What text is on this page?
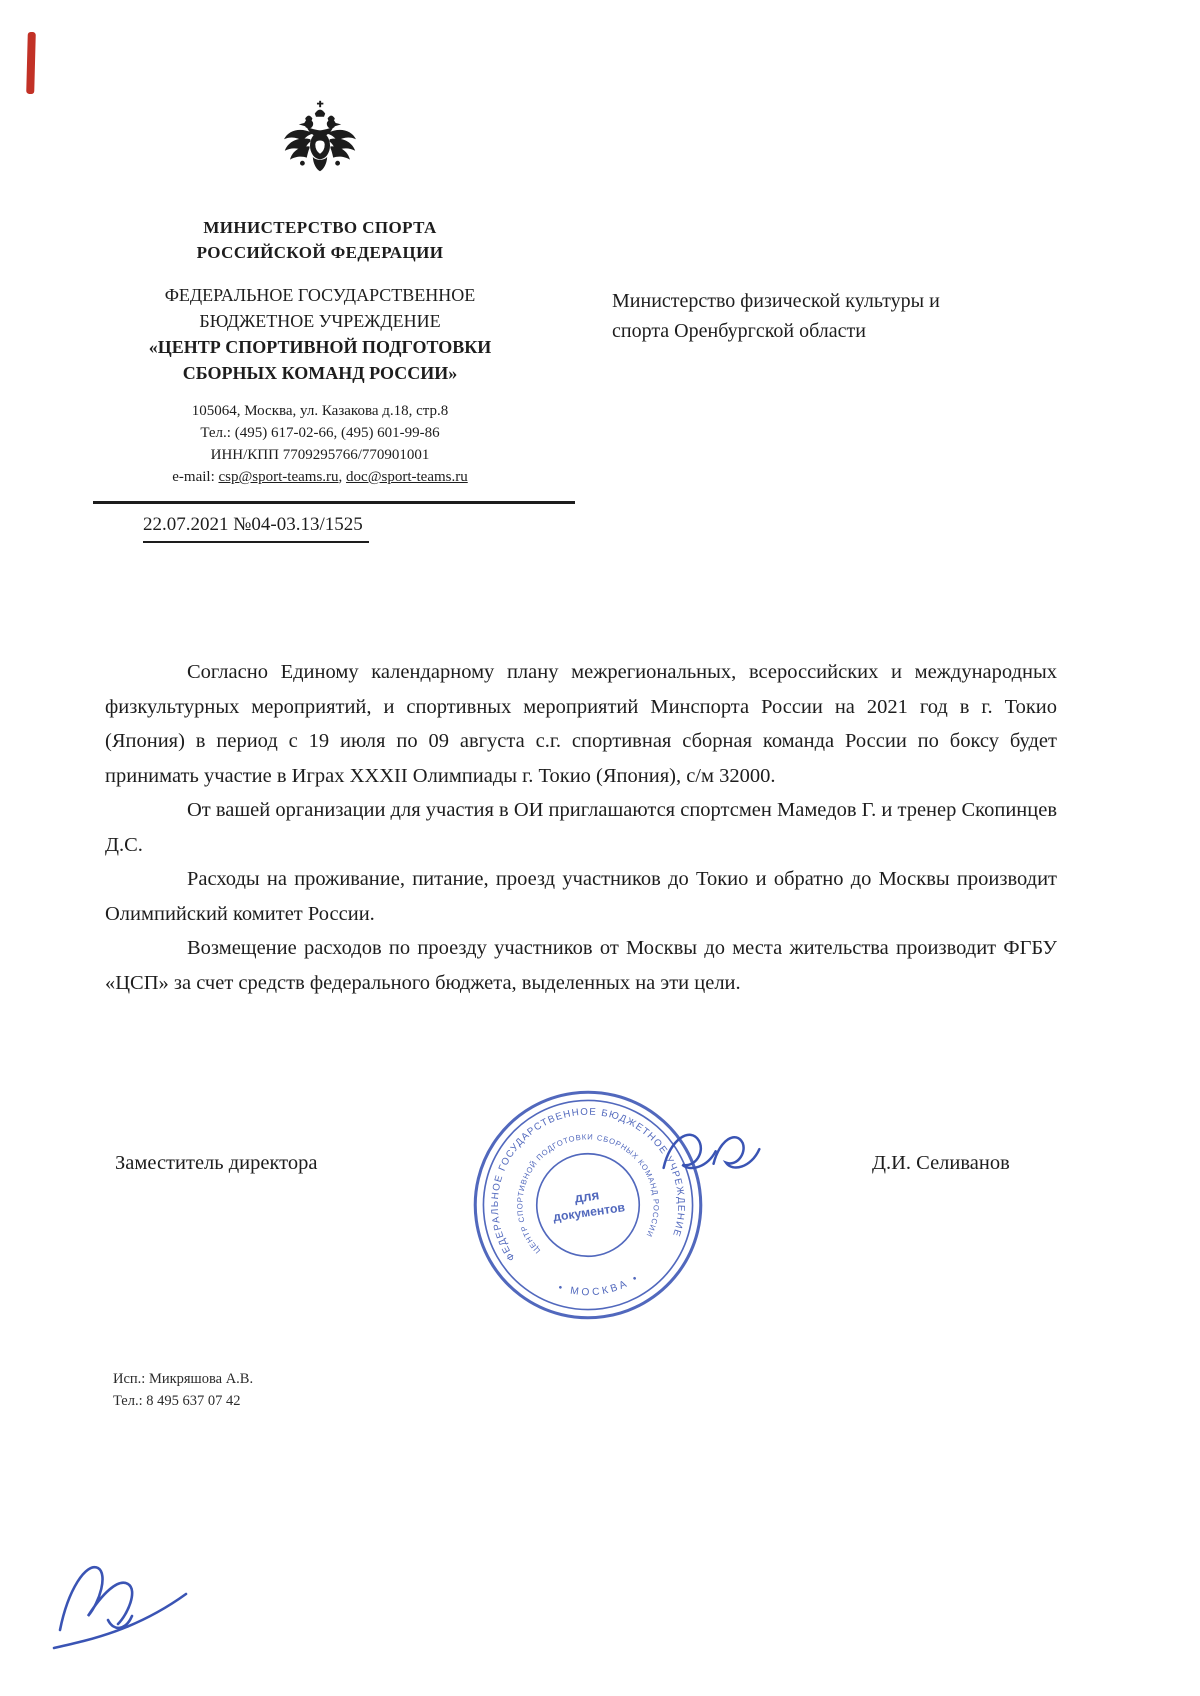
МИНИСТЕРСТВО СПОРТА
РОССИЙСКОЙ ФЕДЕРАЦИИ
ФЕДЕРАЛЬНОЕ ГОСУДАРСТВЕННОЕ
БЮДЖЕТНОЕ УЧРЕЖДЕНИЕ
«ЦЕНТР СПОРТИВНОЙ ПОДГОТОВКИ
СБОРНЫХ КОМАНД РОССИИ»
105064, Москва, ул. Казакова д.18, стр.8
Тел.: (495) 617-02-66, (495) 601-99-86
ИНН/КПП 7709295766/770901001
e-mail: csp@sport-teams.ru, doc@sport-teams.ru
22.07.2021 №04-03.13/1525
Министерство физической культуры и
спорта Оренбургской области

Согласно Единому календарному плану межрегиональных, всероссийских и международных физкультурных мероприятий, и спортивных мероприятий Минспорта России на 2021 год в г. Токио (Япония) в период с 19 июля по 09 августа с.г. спортивная сборная команда России по боксу будет принимать участие в Играх XXXII Олимпиады г. Токио (Япония), с/м 32000.

От вашей организации для участия в ОИ приглашаются спортсмен Мамедов Г. и тренер Скопинцев Д.С.

Расходы на проживание, питание, проезд участников до Токио и обратно до Москвы производит Олимпийский комитет России.

Возмещение расходов по проезду участников от Москвы до места жительства производит ФГБУ «ЦСП» за счет средств федерального бюджета, выделенных на эти цели.

Заместитель директора	Д.И. Селиванов
ФЕДЕРАЛЬНОЕ ГОСУДАРСТВЕННОЕ БЮДЖЕТНОЕ УЧРЕЖДЕНИЕ
• МОСКВА •
ЦЕНТР СПОРТИВНОЙ ПОДГОТОВКИ СБОРНЫХ КОМАНД РОССИИ
для
документов
Исп.: Микряшова А.В.
Тел.: 8 495 637 07 42
